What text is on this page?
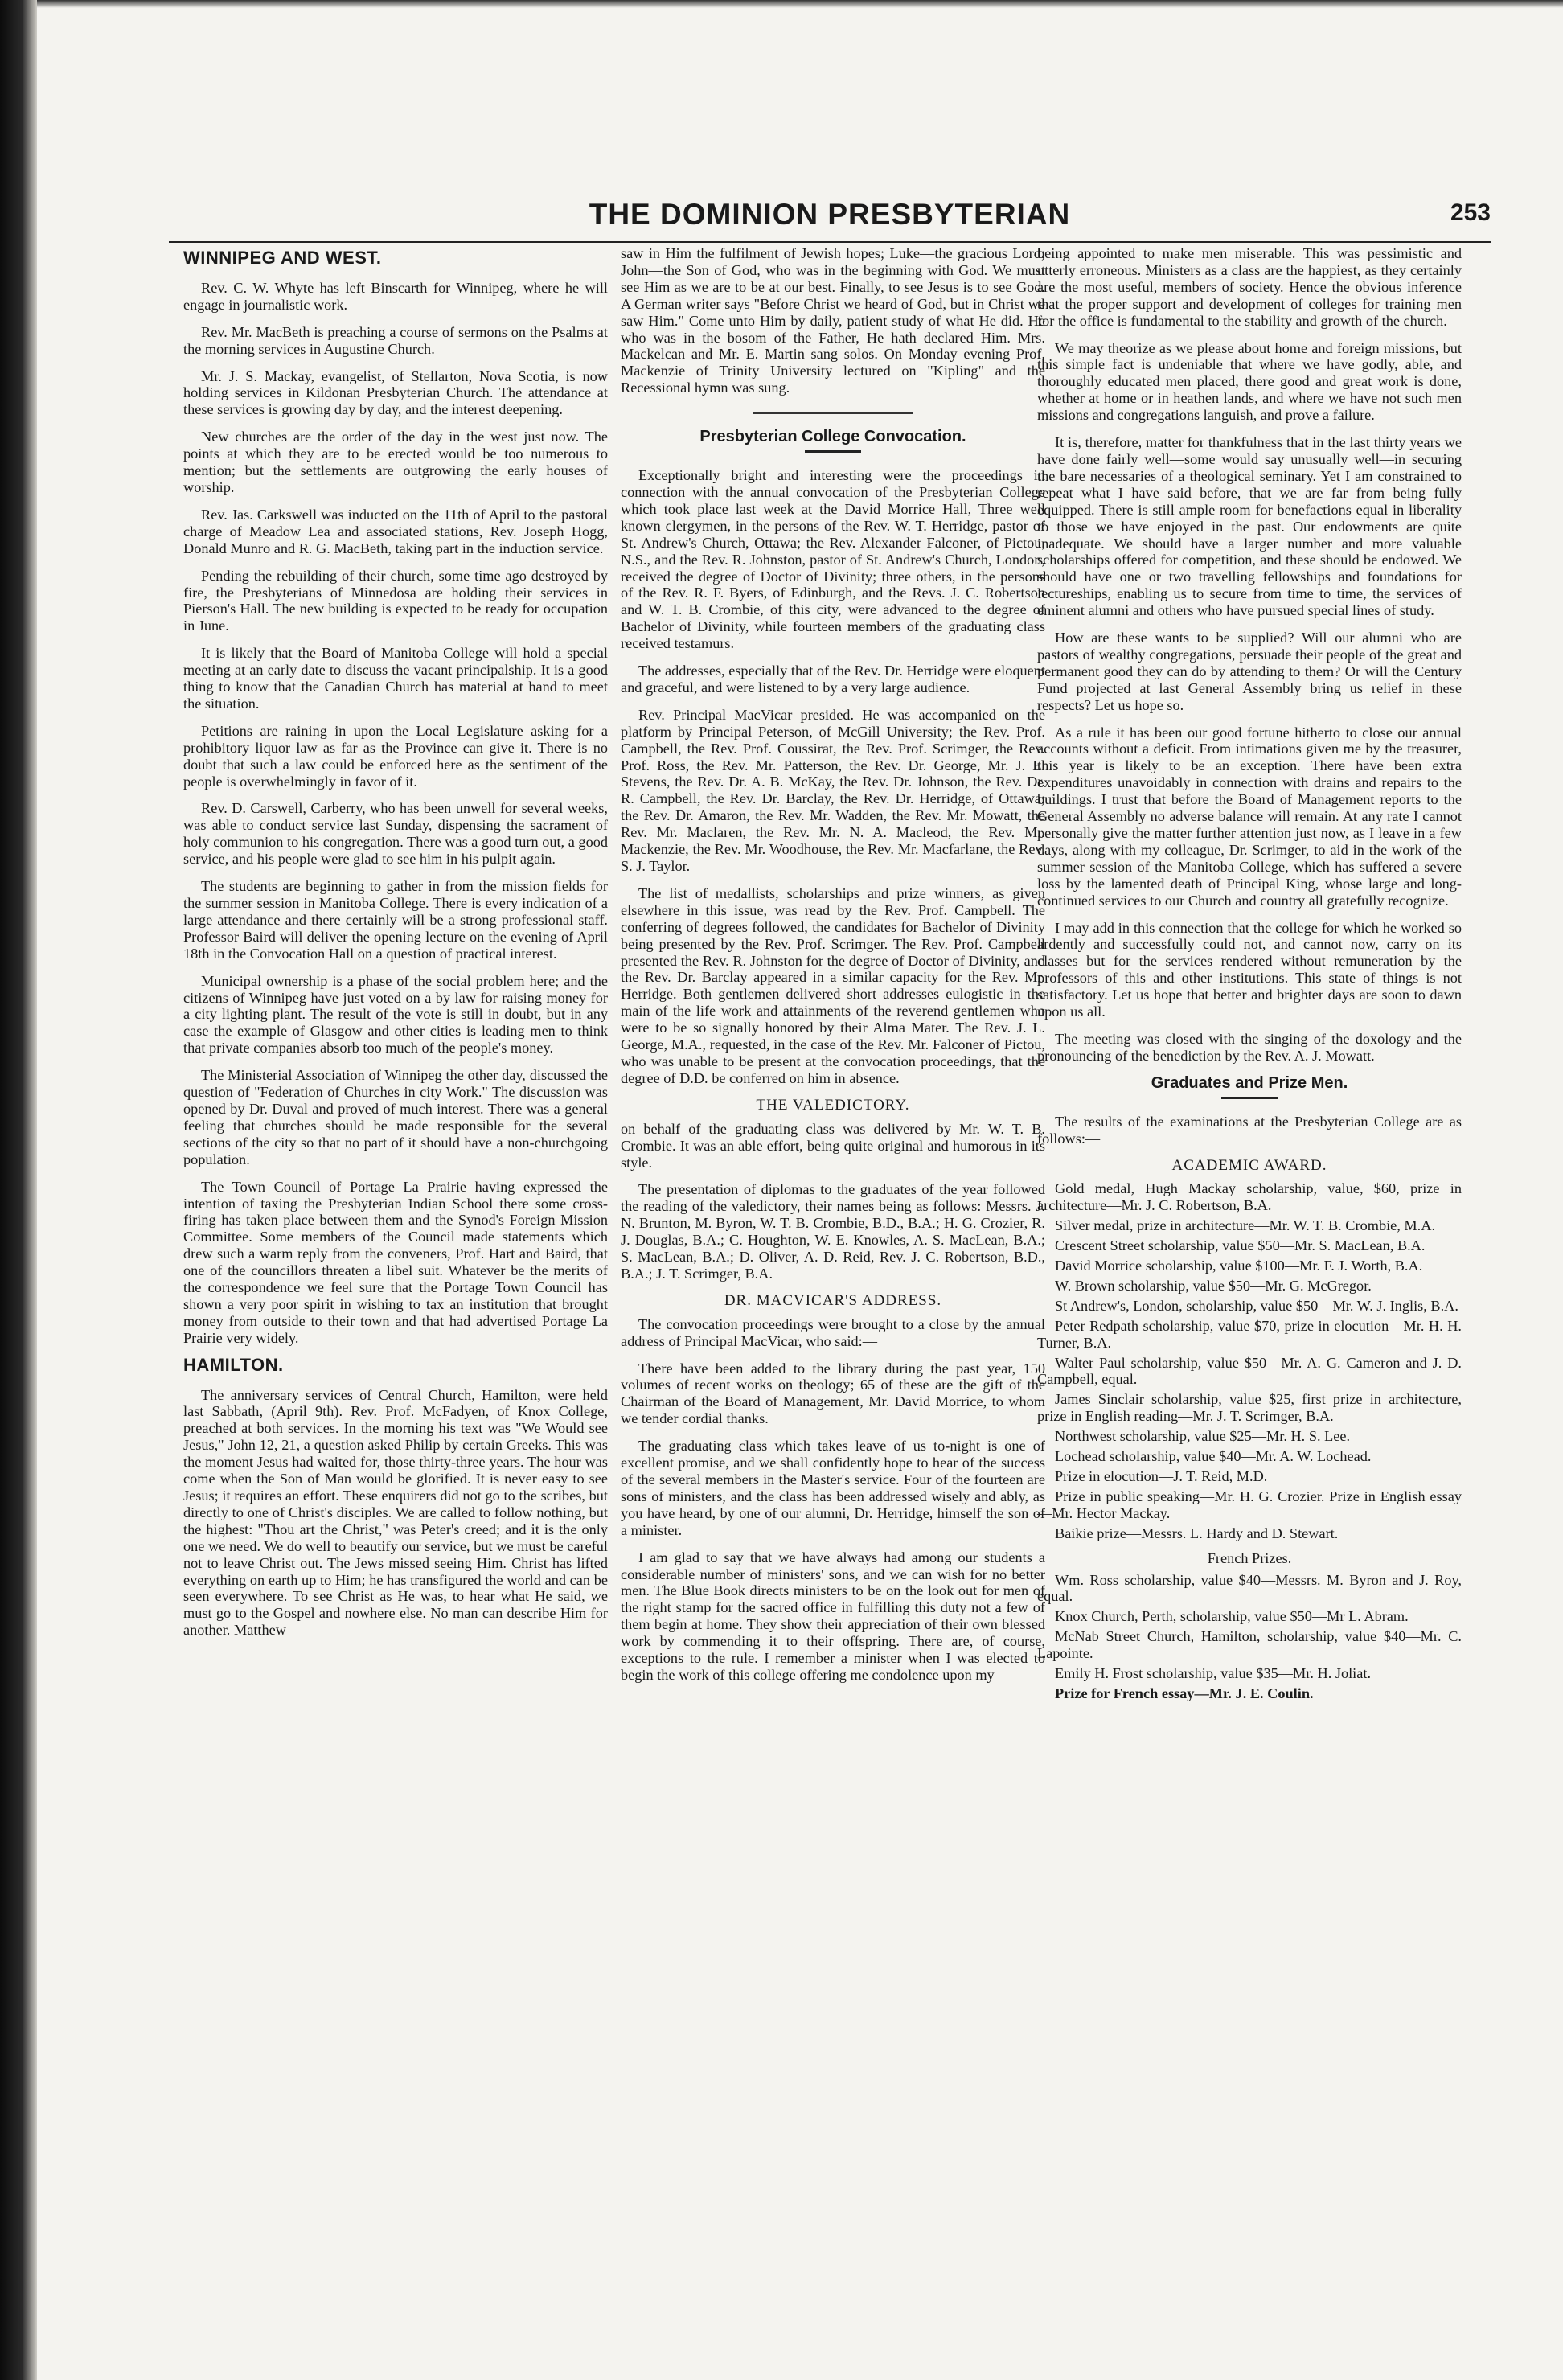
THE DOMINION PRESBYTERIAN	253
WINNIPEG AND WEST.

Rev. C. W. Whyte has left Binscarth for Winnipeg, where he will engage in journalistic work.

Rev. Mr. MacBeth is preaching a course of sermons on the Psalms at the morning services in Augustine Church.

Mr. J. S. Mackay, evangelist, of Stellarton, Nova Scotia, is now holding services in Kildonan Presbyterian Church. The attendance at these services is growing day by day, and the interest deepening.

New churches are the order of the day in the west just now. The points at which they are to be erected would be too numerous to mention; but the settlements are outgrowing the early houses of worship.

Rev. Jas. Carkswell was inducted on the 11th of April to the pastoral charge of Meadow Lea and associated stations, Rev. Joseph Hogg, Donald Munro and R. G. MacBeth, taking part in the induction service.

Pending the rebuilding of their church, some time ago destroyed by fire, the Presbyterians of Minnedosa are holding their services in Pierson's Hall. The new building is expected to be ready for occupation in June.

It is likely that the Board of Manitoba College will hold a special meeting at an early date to discuss the vacant principalship. It is a good thing to know that the Canadian Church has material at hand to meet the situation.

Petitions are raining in upon the Local Legislature asking for a prohibitory liquor law as far as the Province can give it. There is no doubt that such a law could be enforced here as the sentiment of the people is overwhelmingly in favor of it.

Rev. D. Carswell, Carberry, who has been unwell for several weeks, was able to conduct service last Sunday, dispensing the sacrament of holy communion to his congregation. There was a good turn out, a good service, and his people were glad to see him in his pulpit again.

The students are beginning to gather in from the mission fields for the summer session in Manitoba College. There is every indication of a large attendance and there certainly will be a strong professional staff. Professor Baird will deliver the opening lecture on the evening of April 18th in the Convocation Hall on a question of practical interest.

Municipal ownership is a phase of the social problem here; and the citizens of Winnipeg have just voted on a by law for raising money for a city lighting plant. The result of the vote is still in doubt, but in any case the example of Glasgow and other cities is leading men to think that private companies absorb too much of the people's money.

The Ministerial Association of Winnipeg the other day, discussed the question of "Federation of Churches in city Work." The discussion was opened by Dr. Duval and proved of much interest. There was a general feeling that churches should be made responsible for the several sections of the city so that no part of it should have a non-churchgoing population.

The Town Council of Portage La Prairie having expressed the intention of taxing the Presbyterian Indian School there some cross-firing has taken place between them and the Synod's Foreign Mission Committee. Some members of the Council made statements which drew such a warm reply from the conveners, Prof. Hart and Baird, that one of the councillors threaten a libel suit. Whatever be the merits of the correspondence we feel sure that the Portage Town Council has shown a very poor spirit in wishing to tax an institution that brought money from outside to their town and that had advertised Portage La Prairie very widely.

HAMILTON.

The anniversary services of Central Church, Hamilton, were held last Sabbath, (April 9th). Rev. Prof. McFadyen, of Knox College, preached at both services. In the morning his text was "We Would see Jesus," John 12, 21, a question asked Philip by certain Greeks. This was the moment Jesus had waited for, those thirty-three years. The hour was come when the Son of Man would be glorified. It is never easy to see Jesus; it requires an effort. These enquirers did not go to the scribes, but directly to one of Christ's disciples. We are called to follow nothing, but the highest: "Thou art the Christ," was Peter's creed; and it is the only one we need. We do well to beautify our service, but we must be careful not to leave Christ out. The Jews missed seeing Him. Christ has lifted everything on earth up to Him; he has transfigured the world and can be seen everywhere. To see Christ as He was, to hear what He said, we must go to the Gospel and nowhere else. No man can describe Him for another. Matthew

saw in Him the fulfilment of Jewish hopes; Luke—the gracious Lord; John—the Son of God, who was in the beginning with God. We must see Him as we are to be at our best. Finally, to see Jesus is to see God. A German writer says "Before Christ we heard of God, but in Christ we saw Him." Come unto Him by daily, patient study of what He did. He who was in the bosom of the Father, He hath declared Him. Mrs. Mackelcan and Mr. E. Martin sang solos. On Monday evening Prof. Mackenzie of Trinity University lectured on "Kipling" and the Recessional hymn was sung.

Presbyterian College Convocation.

Exceptionally bright and interesting were the proceedings in connection with the annual convocation of the Presbyterian College which took place last week at the David Morrice Hall, Three well known clergymen, in the persons of the Rev. W. T. Herridge, pastor of St. Andrew's Church, Ottawa; the Rev. Alexander Falconer, of Pictou, N.S., and the Rev. R. Johnston, pastor of St. Andrew's Church, London, received the degree of Doctor of Divinity; three others, in the persons of the Rev. R. F. Byers, of Edinburgh, and the Revs. J. C. Robertson and W. T. B. Crombie, of this city, were advanced to the degree of Bachelor of Divinity, while fourteen members of the graduating class received testamurs.

The addresses, especially that of the Rev. Dr. Herridge were eloquent and graceful, and were listened to by a very large audience.

Rev. Principal MacVicar presided. He was accompanied on the platform by Principal Peterson, of McGill University; the Rev. Prof. Campbell, the Rev. Prof. Coussirat, the Rev. Prof. Scrimger, the Rev. Prof. Ross, the Rev. Mr. Patterson, the Rev. Dr. George, Mr. J. E. Stevens, the Rev. Dr. A. B. McKay, the Rev. Dr. Johnson, the Rev. Dr. R. Campbell, the Rev. Dr. Barclay, the Rev. Dr. Herridge, of Ottawa; the Rev. Dr. Amaron, the Rev. Mr. Wadden, the Rev. Mr. Mowatt, the Rev. Mr. Maclaren, the Rev. Mr. N. A. Macleod, the Rev. Mr. Mackenzie, the Rev. Mr. Woodhouse, the Rev. Mr. Macfarlane, the Rev. S. J. Taylor.

The list of medallists, scholarships and prize winners, as given elsewhere in this issue, was read by the Rev. Prof. Campbell. The conferring of degrees followed, the candidates for Bachelor of Divinity being presented by the Rev. Prof. Scrimger. The Rev. Prof. Campbell presented the Rev. R. Johnston for the degree of Doctor of Divinity, and the Rev. Dr. Barclay appeared in a similar capacity for the Rev. Mr. Herridge. Both gentlemen delivered short addresses eulogistic in the main of the life work and attainments of the reverend gentlemen who were to be so signally honored by their Alma Mater. The Rev. J. L. George, M.A., requested, in the case of the Rev. Mr. Falconer of Pictou, who was unable to be present at the convocation proceedings, that the degree of D.D. be conferred on him in absence.

THE VALEDICTORY.

on behalf of the graduating class was delivered by Mr. W. T. B. Crombie. It was an able effort, being quite original and humorous in its style.

The presentation of diplomas to the graduates of the year followed the reading of the valedictory, their names being as follows: Messrs. J. N. Brunton, M. Byron, W. T. B. Crombie, B.D., B.A.; H. G. Crozier, R. J. Douglas, B.A.; C. Houghton, W. E. Knowles, A. S. MacLean, B.A.; S. MacLean, B.A.; D. Oliver, A. D. Reid, Rev. J. C. Robertson, B.D., B.A.; J. T. Scrimger, B.A.

DR. MACVICAR'S ADDRESS.

The convocation proceedings were brought to a close by the annual address of Principal MacVicar, who said:—

There have been added to the library during the past year, 150 volumes of recent works on theology; 65 of these are the gift of the Chairman of the Board of Management, Mr. David Morrice, to whom we tender cordial thanks.

The graduating class which takes leave of us to-night is one of excellent promise, and we shall confidently hope to hear of the success of the several members in the Master's service. Four of the fourteen are sons of ministers, and the class has been addressed wisely and ably, as you have heard, by one of our alumni, Dr. Herridge, himself the son of a minister.

I am glad to say that we have always had among our students a considerable number of ministers' sons, and we can wish for no better men. The Blue Book directs ministers to be on the look out for men of the right stamp for the sacred office in fulfilling this duty not a few of them begin at home. They show their appreciation of their own blessed work by commending it to their offspring. There are, of course, exceptions to the rule. I remember a minister when I was elected to begin the work of this college offering me condolence upon my

being appointed to make men miserable. This was pessimistic and utterly erroneous. Ministers as a class are the happiest, as they certainly are the most useful, members of society. Hence the obvious inference that the proper support and development of colleges for training men for the office is fundamental to the stability and growth of the church.

We may theorize as we please about home and foreign missions, but this simple fact is undeniable that where we have godly, able, and thoroughly educated men placed, there good and great work is done, whether at home or in heathen lands, and where we have not such men missions and congregations languish, and prove a failure.

It is, therefore, matter for thankfulness that in the last thirty years we have done fairly well—some would say unusually well—in securing the bare necessaries of a theological seminary. Yet I am constrained to repeat what I have said before, that we are far from being fully equipped. There is still ample room for benefactions equal in liberality to those we have enjoyed in the past. Our endowments are quite inadequate. We should have a larger number and more valuable scholarships offered for competition, and these should be endowed. We should have one or two travelling fellowships and foundations for lectureships, enabling us to secure from time to time, the services of eminent alumni and others who have pursued special lines of study.

How are these wants to be supplied? Will our alumni who are pastors of wealthy congregations, persuade their people of the great and permanent good they can do by attending to them? Or will the Century Fund projected at last General Assembly bring us relief in these respects? Let us hope so.

As a rule it has been our good fortune hitherto to close our annual accounts without a deficit. From intimations given me by the treasurer, this year is likely to be an exception. There have been extra expenditures unavoidably in connection with drains and repairs to the buildings. I trust that before the Board of Management reports to the General Assembly no adverse balance will remain. At any rate I cannot personally give the matter further attention just now, as I leave in a few days, along with my colleague, Dr. Scrimger, to aid in the work of the summer session of the Manitoba College, which has suffered a severe loss by the lamented death of Principal King, whose large and long-continued services to our Church and country all gratefully recognize.

I may add in this connection that the college for which he worked so ardently and successfully could not, and cannot now, carry on its classes but for the services rendered without remuneration by the professors of this and other institutions. This state of things is not satisfactory. Let us hope that better and brighter days are soon to dawn upon us all.

The meeting was closed with the singing of the doxology and the pronouncing of the benediction by the Rev. A. J. Mowatt.

Graduates and Prize Men.

The results of the examinations at the Presbyterian College are as follows:—

ACADEMIC AWARD.

Gold medal, Hugh Mackay scholarship, value, $60, prize in architecture—Mr. J. C. Robertson, B.A.

Silver medal, prize in architecture—Mr. W. T. B. Crombie, M.A.

Crescent Street scholarship, value $50—Mr. S. MacLean, B.A.

David Morrice scholarship, value $100—Mr. F. J. Worth, B.A.

W. Brown scholarship, value $50—Mr. G. McGregor.

St Andrew's, London, scholarship, value $50—Mr. W. J. Inglis, B.A.

Peter Redpath scholarship, value $70, prize in elocution—Mr. H. H. Turner, B.A.

Walter Paul scholarship, value $50—Mr. A. G. Cameron and J. D. Campbell, equal.

James Sinclair scholarship, value $25, first prize in architecture, prize in English reading—Mr. J. T. Scrimger, B.A.

Northwest scholarship, value $25—Mr. H. S. Lee.

Lochead scholarship, value $40—Mr. A. W. Lochead.

Prize in elocution—J. T. Reid, M.D.

Prize in public speaking—Mr. H. G. Crozier. Prize in English essay—Mr. Hector Mackay.

Baikie prize—Messrs. L. Hardy and D. Stewart.

French Prizes.

Wm. Ross scholarship, value $40—Messrs. M. Byron and J. Roy, equal.

Knox Church, Perth, scholarship, value $50—Mr L. Abram.

McNab Street Church, Hamilton, scholarship, value $40—Mr. C. Lapointe.

Emily H. Frost scholarship, value $35—Mr. H. Joliat.

Prize for French essay—Mr. J. E. Coulin.
